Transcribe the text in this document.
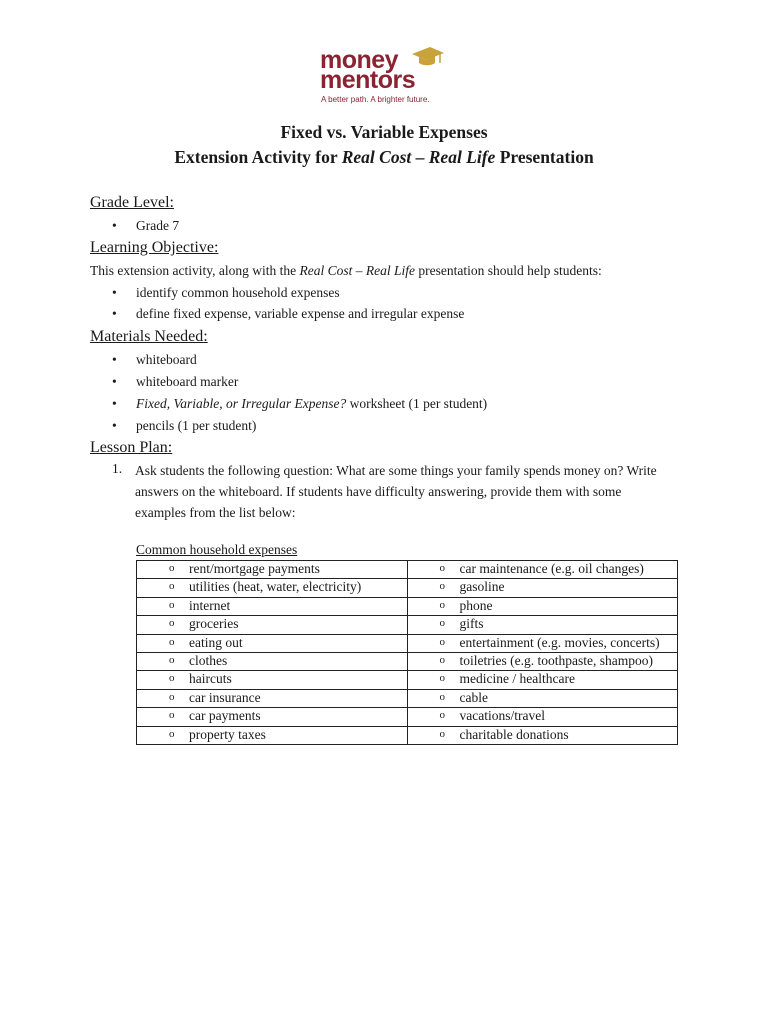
money
mentors
A better path. A brighter future.
Fixed vs. Variable Expenses
Extension Activity for Real Cost – Real Life Presentation
Grade Level:
• Grade 7
Learning Objective:
This extension activity, along with the Real Cost – Real Life presentation should help students:
• identify common household expenses
• define fixed expense, variable expense and irregular expense
Materials Needed:
• whiteboard
• whiteboard marker
• Fixed, Variable, or Irregular Expense? worksheet (1 per student)
• pencils (1 per student)
Lesson Plan:
1. Ask students the following question: What are some things your family spends money on? Write answers on the whiteboard. If students have difficulty answering, provide them with some examples from the list below:
Common household expenses
o rent/mortgage payments	o car maintenance (e.g. oil changes)

o utilities (heat, water, electricity)	o gasoline

o internet	o phone

o groceries	o gifts

o eating out	o entertainment (e.g. movies, concerts)

o clothes	o toiletries (e.g. toothpaste, shampoo)

o haircuts	o medicine / healthcare

o car insurance	o cable

o car payments	o vacations/travel

o property taxes	o charitable donations
